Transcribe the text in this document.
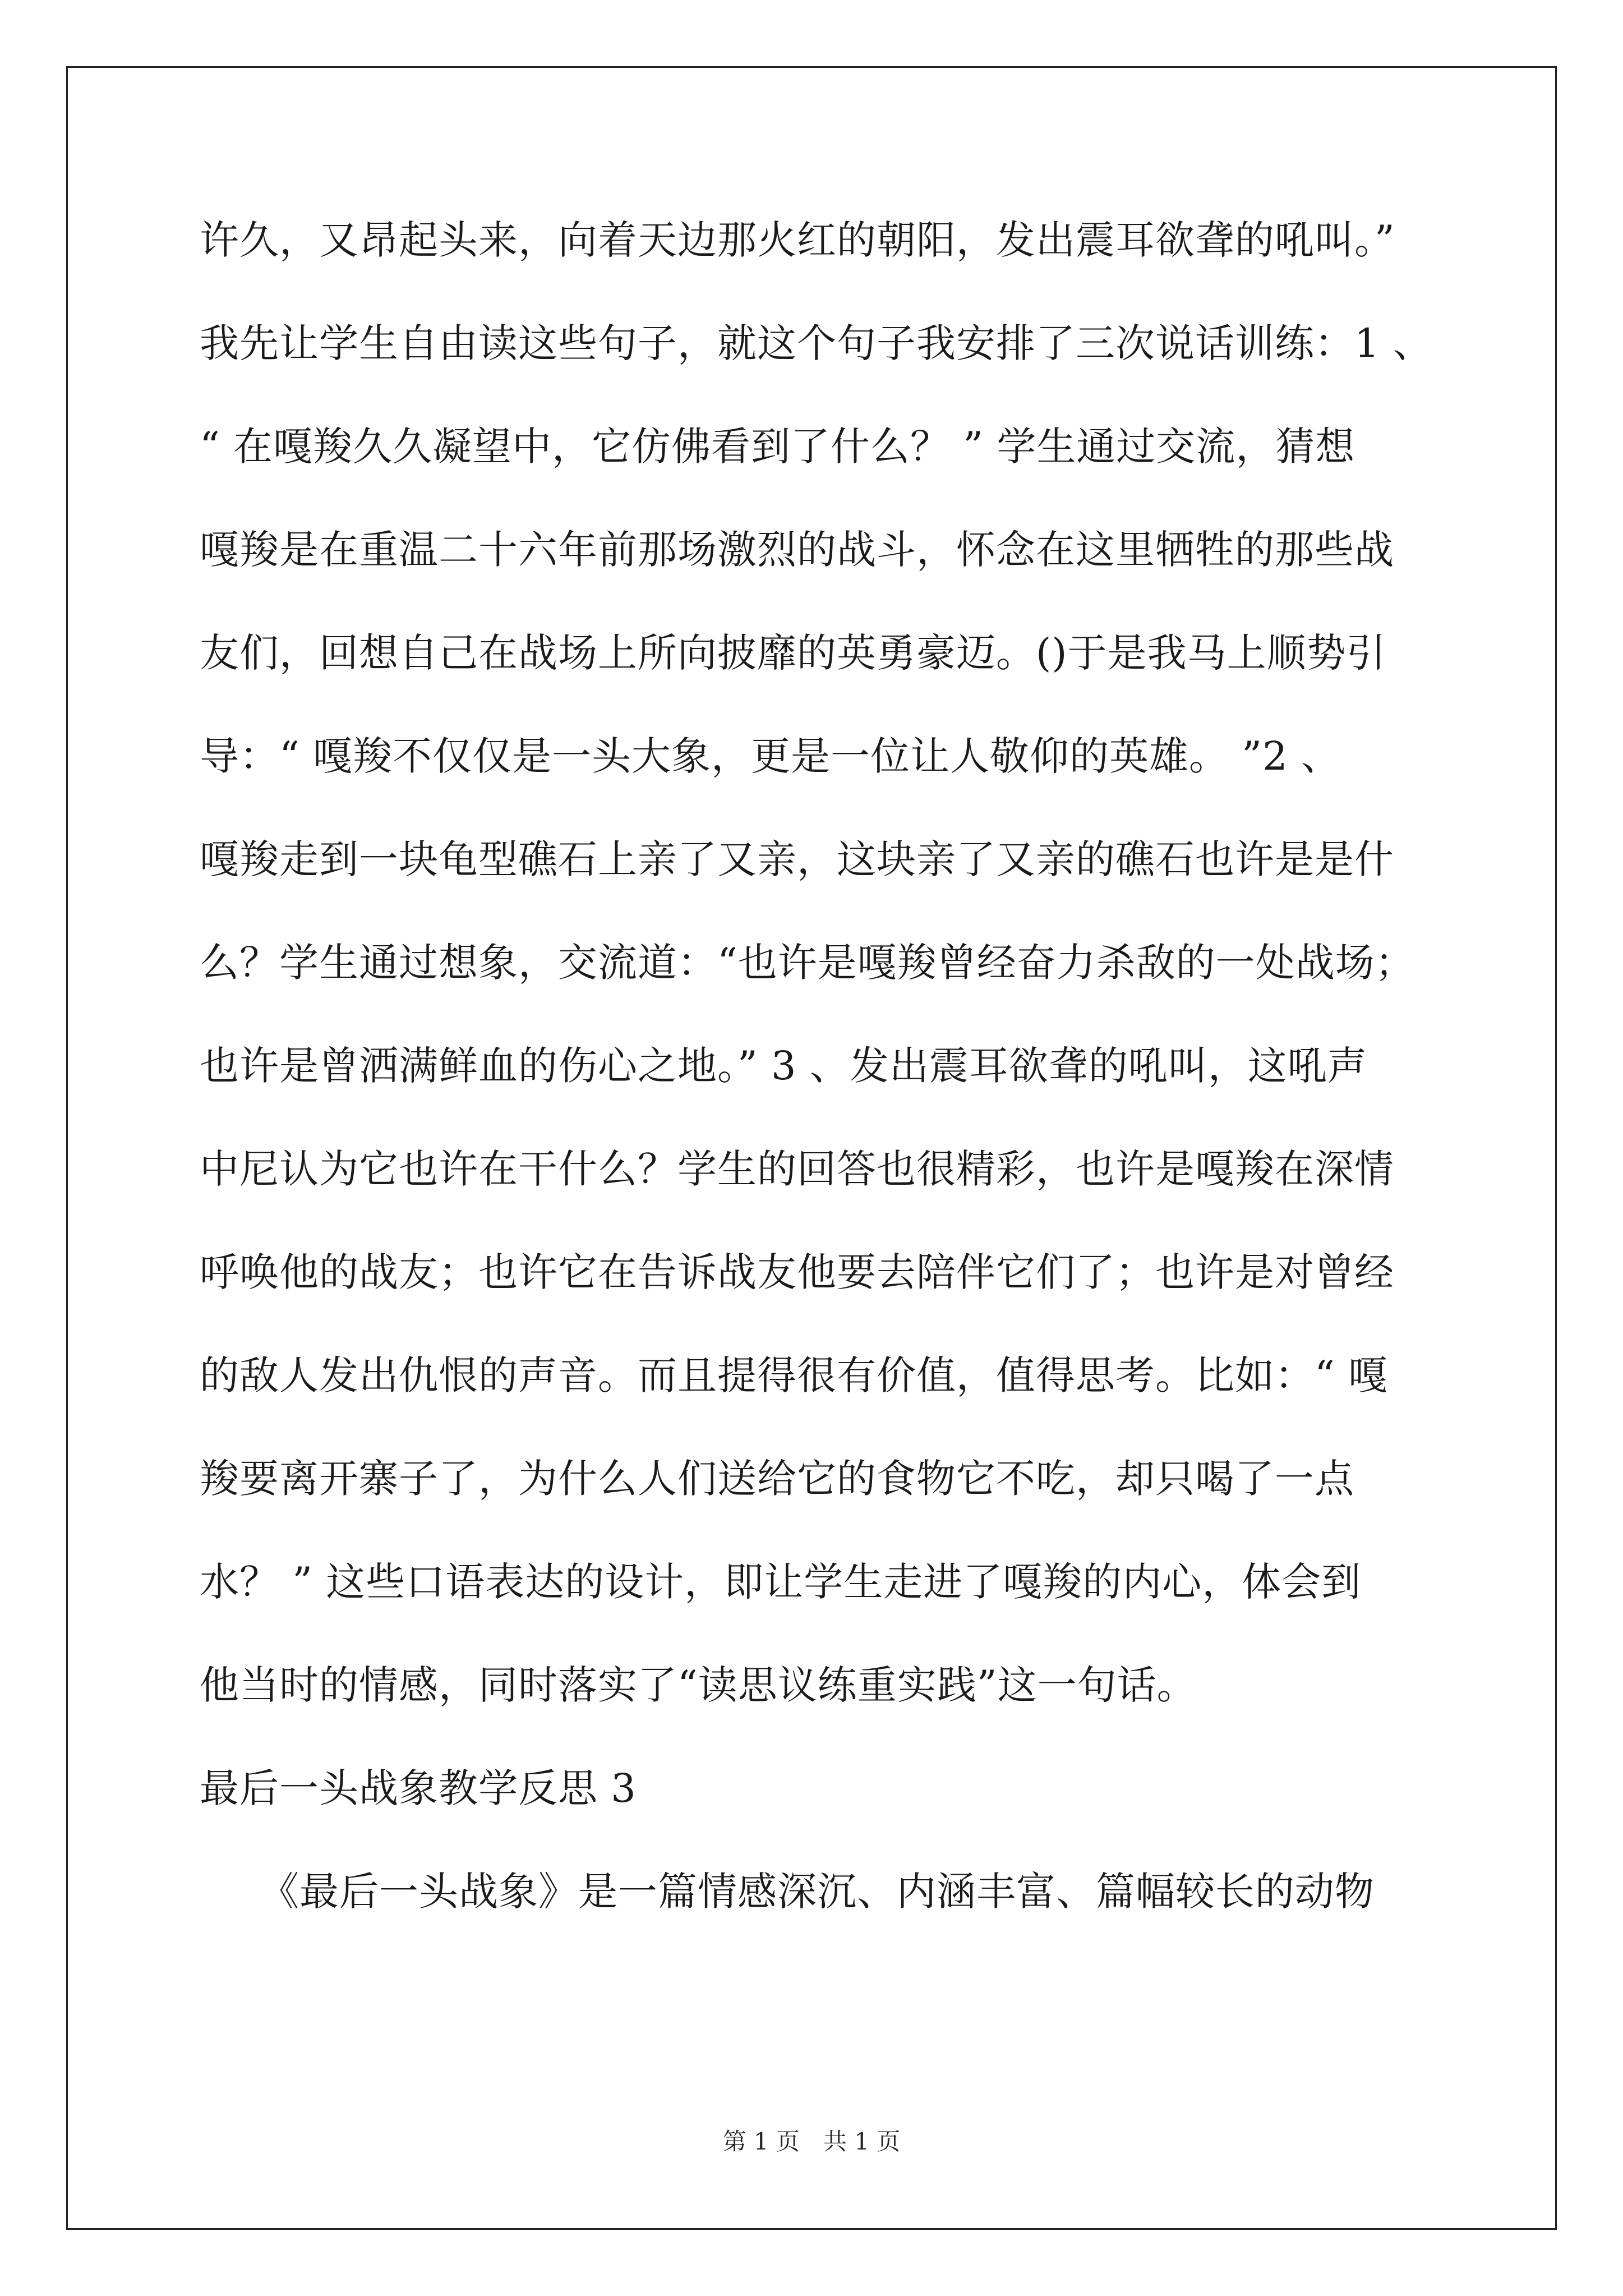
许久，又昂起头来，向着天边那火红的朝阳，发出震耳欲聋的吼叫。”
我先让学生自由读这些句子，就这个句子我安排了三次说话训练：1 、
“ 在嘎羧久久凝望中，它仿佛看到了什么？ ” 学生通过交流，猜想
嘎羧是在重温二十六年前那场激烈的战斗，怀念在这里牺牲的那些战
友们，回想自己在战场上所向披靡的英勇豪迈。()于是我马上顺势引
导：“ 嘎羧不仅仅是一头大象，更是一位让人敬仰的英雄。 ”2 、
嘎羧走到一块龟型礁石上亲了又亲，这块亲了又亲的礁石也许是是什
么？学生通过想象，交流道：“也许是嘎羧曾经奋力杀敌的一处战场；
也许是曾洒满鲜血的伤心之地。” 3 、发出震耳欲聋的吼叫，这吼声
中尼认为它也许在干什么？学生的回答也很精彩，也许是嘎羧在深情
呼唤他的战友；也许它在告诉战友他要去陪伴它们了；也许是对曾经
的敌人发出仇恨的声音。而且提得很有价值，值得思考。比如：“ 嘎
羧要离开寨子了，为什么人们送给它的食物它不吃，却只喝了一点
水？ ” 这些口语表达的设计，即让学生走进了嘎羧的内心，体会到
他当时的情感，同时落实了“读思议练重实践”这一句话。
最后一头战象教学反思 3
　　《最后一头战象》是一篇情感深沉、内涵丰富、篇幅较长的动物
第 1 页　共 1 页
